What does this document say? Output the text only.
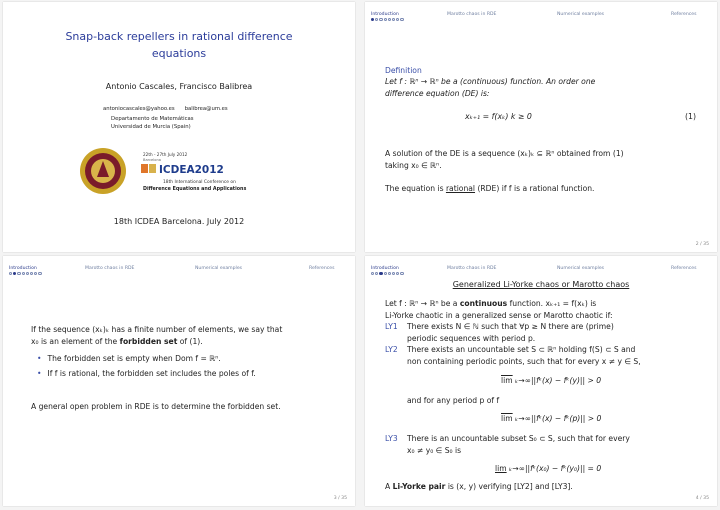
Snap-back repellers in rational difference
equations
Antonio Cascales, Francisco Balibrea
antoniocascales@yahoo.es balibrea@um.es
Departamento de Matemáticas
Universidad de Murcia (Spain)
22th - 27th July 2012
Barcelona
ICDEA2012
18th International Conference on
Difference Equations and Applications
18th ICDEA Barcelona. July 2012
Introduction	Marotto chaos in RDE	Numerical examples	References
Definition
Let f : ℝⁿ → ℝⁿ be a (continuous) function. An order one
difference equation (DE) is:
xₖ₊₁ = f(xₖ) k ≥ 0	(1)
A solution of the DE is a sequence (xₖ)ₖ ⊆ ℝⁿ obtained from (1)
taking x₀ ∈ ℝⁿ.
The equation is rational (RDE) if f is a rational function.
2 / 35
Introduction	Marotto chaos in RDE	Numerical examples	References
If the sequence (xₖ)ₖ has a finite number of elements, we say that
x₀ is an element of the forbidden set of (1).
• The forbidden set is empty when Dom f = ℝⁿ.
• If f is rational, the forbidden set includes the poles of f.
A general open problem in RDE is to determine the forbidden set.
3 / 35
Introduction	Marotto chaos in RDE	Numerical examples	References
Generalized Li-Yorke chaos or Marotto chaos
Let f : ℝⁿ → ℝⁿ be a continuous function. xₖ₊₁ = f(xₖ) is
Li-Yorke chaotic in a generalized sense or Marotto chaotic if:
LY1 There exists N ∈ ℕ such that ∀p ≥ N there are (prime)
periodic sequences with period p.
LY2 There exists an uncountable set S ⊂ ℝⁿ holding f(S) ⊂ S and
non containing periodic points, such that for every x ≠ y ∈ S,
$\overline{lim}$ ₖ→∞||fᵏ(x) − fᵏ(y)|| > 0
and for any period p of f
$\overline{lim}$ ₖ→∞||fᵏ(x) − fᵏ(p)|| > 0
LY3 There is an uncountable subset S₀ ⊂ S, such that for every
x₀ ≠ y₀ ∈ S₀ is
lim ₖ→∞||fᵏ(x₀) − fᵏ(y₀)|| = 0
A Li-Yorke pair is (x, y) verifying [LY2] and [LY3].
4 / 35
